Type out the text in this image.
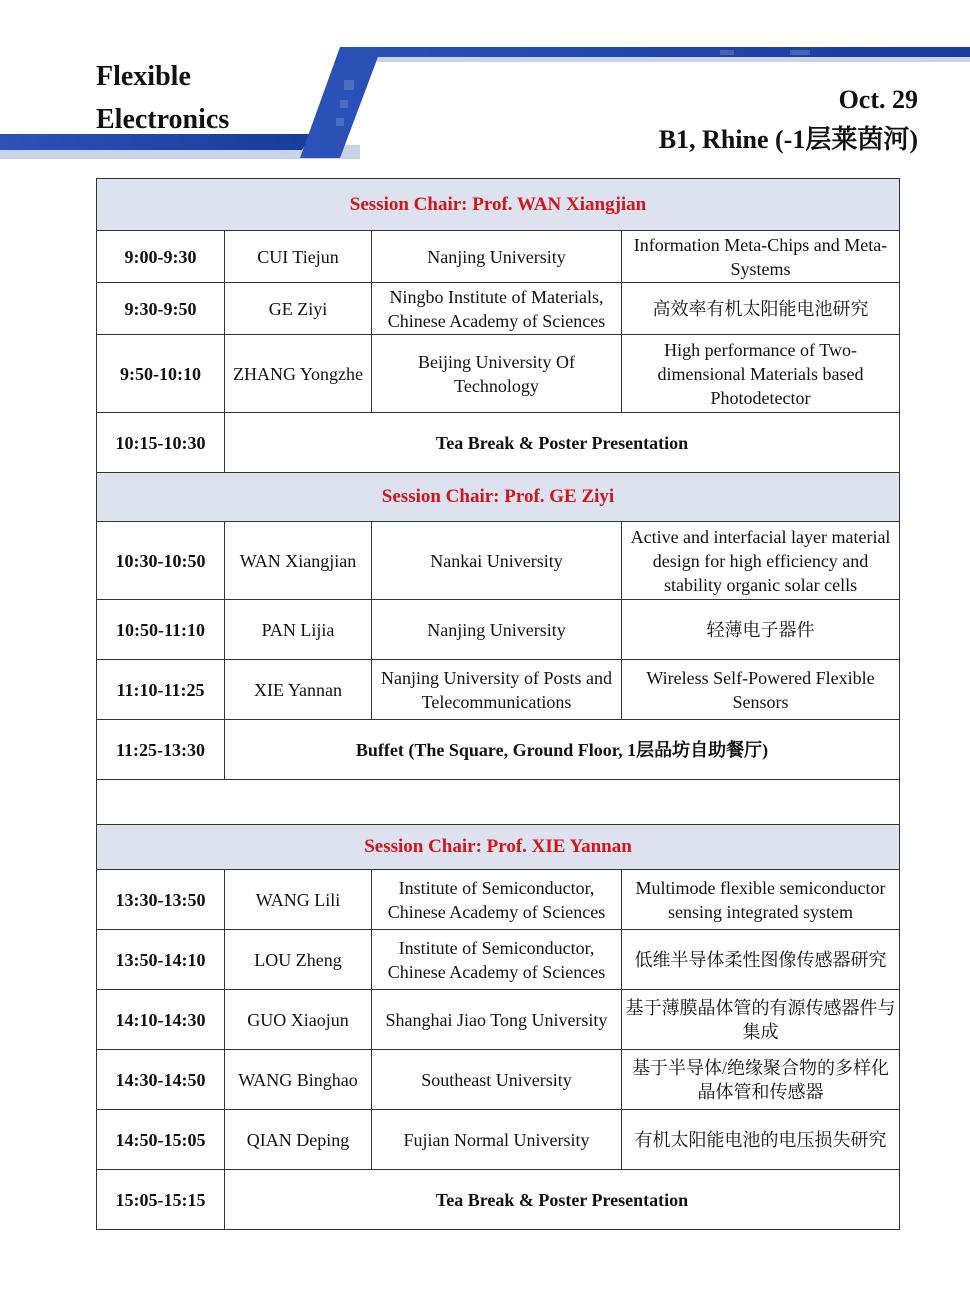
Flexible
Electronics
Oct. 29
B1, Rhine (-1层莱茵河)
Session Chair: Prof. WAN Xiangjian			
9:00-9:30	CUI Tiejun	Nanjing University	Information Meta-Chips and Meta-Systems
9:30-9:50	GE Ziyi	Ningbo Institute of Materials, Chinese Academy of Sciences	高效率有机太阳能电池研究
9:50-10:10	ZHANG Yongzhe	Beijing University Of Technology	High performance of Two-dimensional Materials based Photodetector
10:15-10:30	Tea Break & Poster Presentation		
Session Chair: Prof. GE Ziyi			
10:30-10:50	WAN Xiangjian	Nankai University	Active and interfacial layer material design for high efficiency and stability organic solar cells
10:50-11:10	PAN Lijia	Nanjing University	轻薄电子器件
11:10-11:25	XIE Yannan	Nanjing University of Posts and Telecommunications	Wireless Self-Powered Flexible Sensors
11:25-13:30	Buffet (The Square, Ground Floor, 1层品坊自助餐厅)		

Session Chair: Prof. XIE Yannan			
13:30-13:50	WANG Lili	Institute of Semiconductor, Chinese Academy of Sciences	Multimode flexible semiconductor sensing integrated system
13:50-14:10	LOU Zheng	Institute of Semiconductor, Chinese Academy of Sciences	低维半导体柔性图像传感器研究
14:10-14:30	GUO Xiaojun	Shanghai Jiao Tong University	基于薄膜晶体管的有源传感器件与集成
14:30-14:50	WANG Binghao	Southeast University	基于半导体/绝缘聚合物的多样化晶体管和传感器
14:50-15:05	QIAN Deping	Fujian Normal University	有机太阳能电池的电压损失研究
15:05-15:15	Tea Break & Poster Presentation		
